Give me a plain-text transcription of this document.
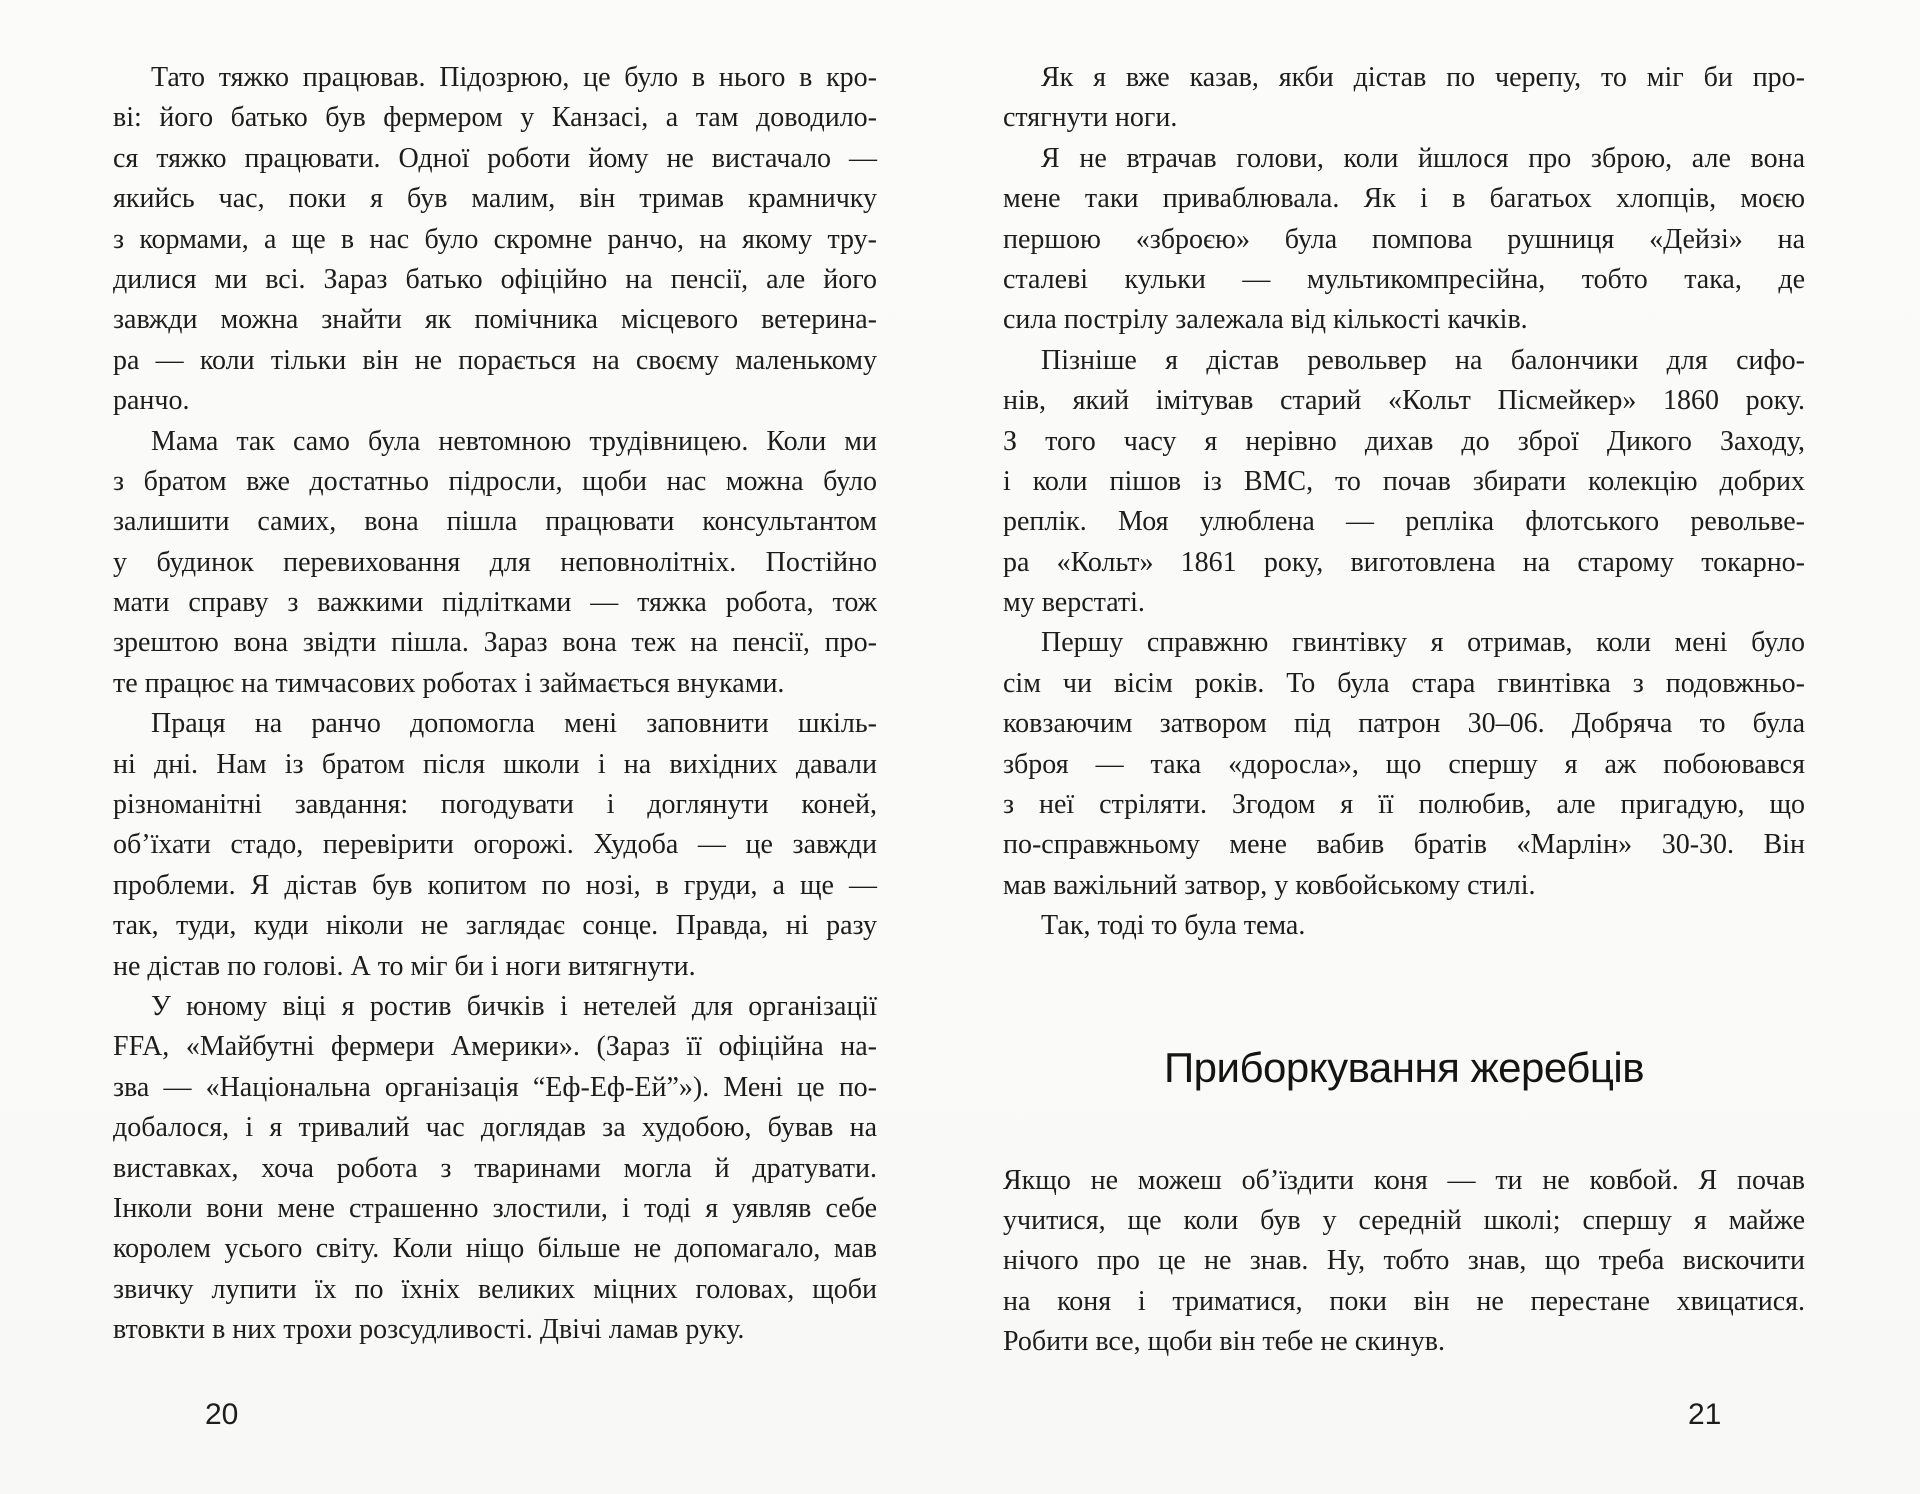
Тато тяжко працював. Підозрюю, це було в нього в кро-
ві: його батько був фермером у Канзасі, а там доводило-
ся тяжко працювати. Одної роботи йому не вистачало —
якийсь час, поки я був малим, він тримав крамничку
з кормами, а ще в нас було скромне ранчо, на якому тру-
дилися ми всі. Зараз батько офіційно на пенсії, але його
завжди можна знайти як помічника місцевого ветерина-
ра — коли тільки він не порається на своєму маленькому
ранчо.
Мама так само була невтомною трудівницею. Коли ми
з братом вже достатньо підросли, щоби нас можна було
залишити самих, вона пішла працювати консультантом
у будинок перевиховання для неповнолітніх. Постійно
мати справу з важкими підлітками — тяжка робота, тож
зрештою вона звідти пішла. Зараз вона теж на пенсії, про-
те працює на тимчасових роботах і займається внуками.
Праця на ранчо допомогла мені заповнити шкіль-
ні дні. Нам із братом після школи і на вихідних давали
різноманітні завдання: погодувати і доглянути коней,
об’їхати стадо, перевірити огорожі. Худоба — це завжди
проблеми. Я дістав був копитом по нозі, в груди, а ще —
так, туди, куди ніколи не заглядає сонце. Правда, ні разу
не дістав по голові. А то міг би і ноги витягнути.
У юному віці я ростив бичків і нетелей для організації
FFA, «Майбутні фермери Америки». (Зараз її офіційна на-
зва — «Національна організація “Еф-Еф-Ей”»). Мені це по-
добалося, і я тривалий час доглядав за худобою, бував на
виставках, хоча робота з тваринами могла й дратувати.
Інколи вони мене страшенно злостили, і тоді я уявляв себе
королем усього світу. Коли ніщо більше не допомагало, мав
звичку лупити їх по їхніх великих міцних головах, щоби
втовкти в них трохи розсудливості. Двічі ламав руку.
20
Як я вже казав, якби дістав по черепу, то міг би про-
стягнути ноги.
Я не втрачав голови, коли йшлося про зброю, але вона
мене таки приваблювала. Як і в багатьох хлопців, моєю
першою «зброєю» була помпова рушниця «Дейзі» на
сталеві кульки — мультикомпресійна, тобто така, де
сила пострілу залежала від кількості качків.
Пізніше я дістав револьвер на балончики для сифо-
нів, який імітував старий «Кольт Пісмейкер» 1860 року.
З того часу я нерівно дихав до зброї Дикого Заходу,
і коли пішов із ВМС, то почав збирати колекцію добрих
реплік. Моя улюблена — репліка флотського револьве-
ра «Кольт» 1861 року, виготовлена на старому токарно-
му верстаті.
Першу справжню гвинтівку я отримав, коли мені було
сім чи вісім років. То була стара гвинтівка з подовжньо-
ковзаючим затвором під патрон 30–06. Добряча то була
зброя — така «доросла», що спершу я аж побоювався
з неї стріляти. Згодом я її полюбив, але пригадую, що
по-справжньому мене вабив братів «Марлін» 30-30. Він
мав важільний затвор, у ковбойському стилі.
Так, тоді то була тема.
Приборкування жеребців
Якщо не можеш об’їздити коня — ти не ковбой. Я почав
учитися, ще коли був у середній школі; спершу я майже
нічого про це не знав. Ну, тобто знав, що треба вискочити
на коня і триматися, поки він не перестане хвицатися.
Робити все, щоби він тебе не скинув.
21
